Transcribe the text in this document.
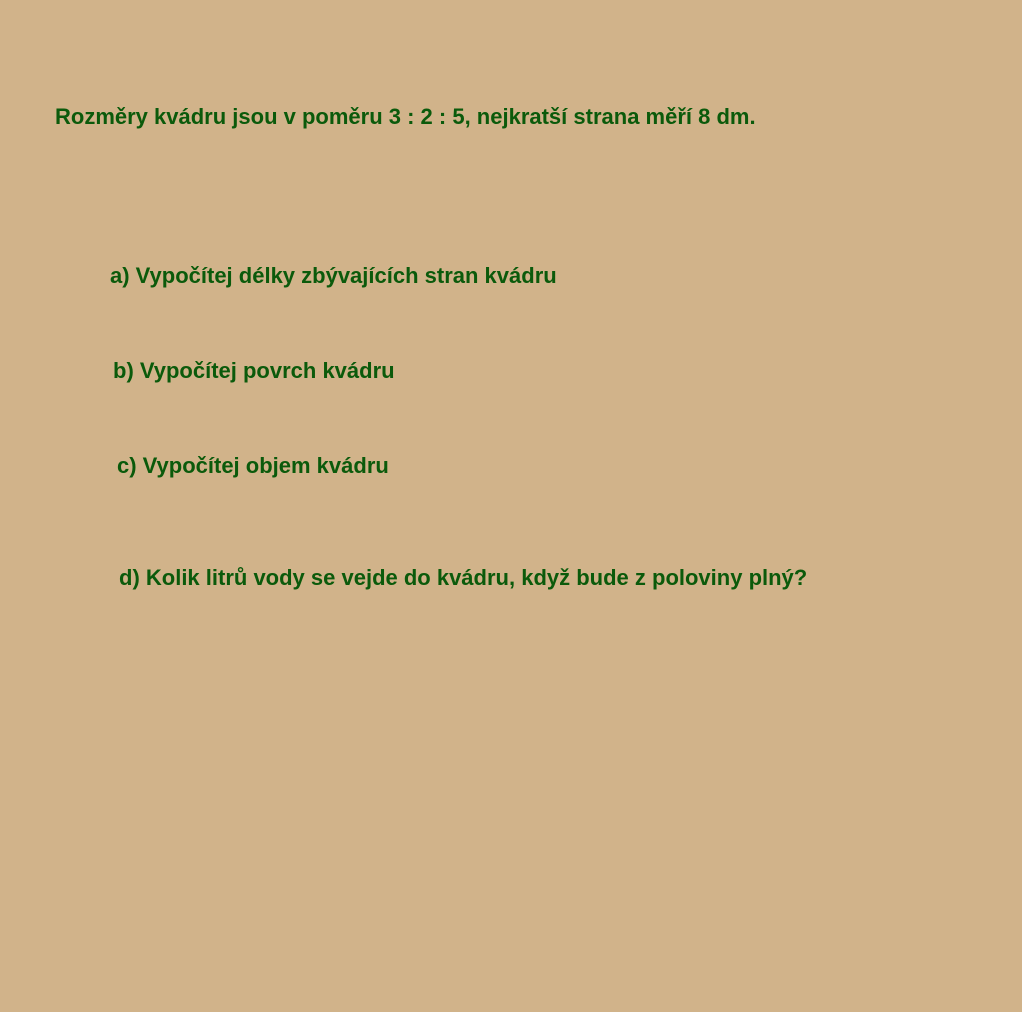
Rozměry kvádru jsou v poměru 3 : 2 : 5, nejkratší strana měří 8 dm.

a) Vypočítej délky zbývajících stran kvádru

b) Vypočítej povrch kvádru

c) Vypočítej objem kvádru

d) Kolik litrů vody se vejde do kvádru, když bude z poloviny plný?
